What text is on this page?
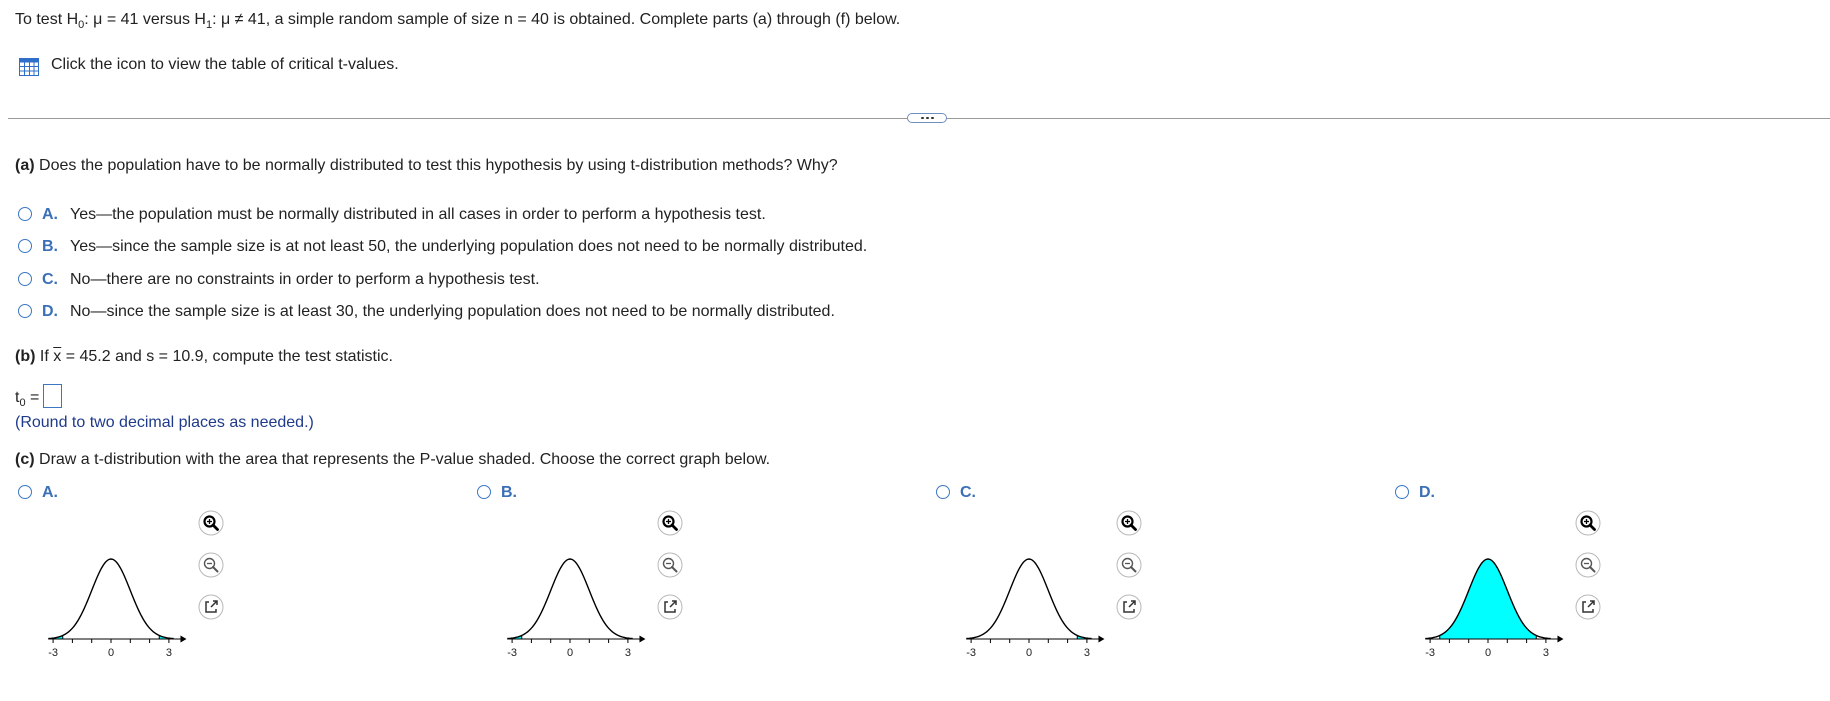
To test $H_0$: μ = 41 versus $H_1$: μ ≠ 41, a simple random sample of size n = 40 is obtained. Complete parts (a) through (f) below.
Click the icon to view the table of critical t-values.
(a) Does the population have to be normally distributed to test this hypothesis by using t-distribution methods? Why?
A. Yes—the population must be normally distributed in all cases in order to perform a hypothesis test.
B. Yes—since the sample size is at not least 50, the underlying population does not need to be normally distributed.
C. No—there are no constraints in order to perform a hypothesis test.
D. No—since the sample size is at least 30, the underlying population does not need to be normally distributed.
(b) If $\overline{x} = 45.2$ and s = 10.9, compute the test statistic.
$t_0$ =
(Round to two decimal places as needed.)
(c) Draw a t-distribution with the area that represents the P-value shaded. Choose the correct graph below.
A.	B.	C.	D.
-3	0	3	-3	0	3	-3	0	3	-3	0	3
